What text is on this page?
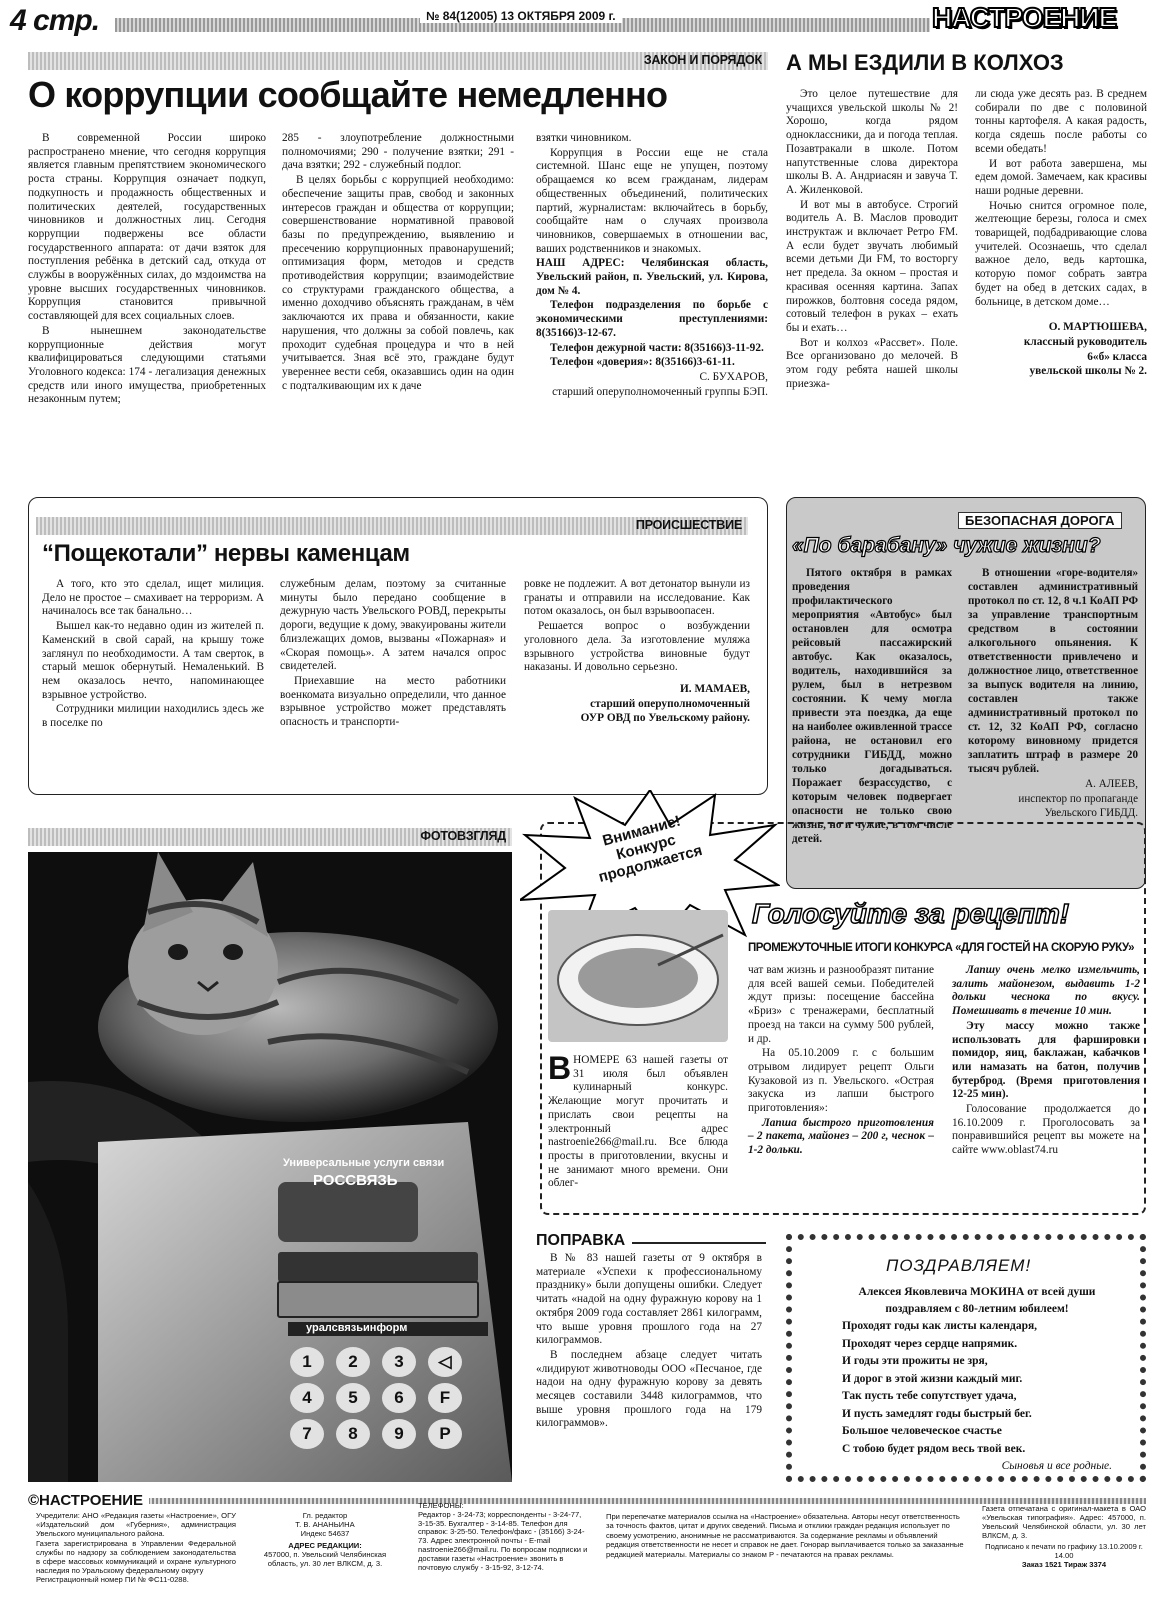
4 стр.	№ 84(12005) 13 ОКТЯБРЯ 2009 г.	НАСТРОЕНИЕ
ЗАКОН И ПОРЯДОК
О коррупции сообщайте немедленно

В современной России широко распространено мнение, что сегодня коррупция является главным препятствием экономического роста страны. Коррупция означает подкуп, подкупность и продажность общественных и политических деятелей, государственных чиновников и должностных лиц. Сегодня коррупции подвержены все области государственного аппарата: от дачи взяток для поступления ребёнка в детский сад, откуда от службы в вооружённых силах, до мздоимства на уровне высших государственных чиновников. Коррупция становится привычной составляющей для всех социальных слоев.

В нынешнем законодательстве коррупционные действия могут квалифицироваться следующими статьями Уголовного кодекса: 174 - легализация денежных средств или иного имущества, приобретенных незаконным путем;

285 - злоупотребление должностными полномочиями; 290 - получение взятки; 291 - дача взятки; 292 - служебный подлог.

В целях борьбы с коррупцией необходимо: обеспечение защиты прав, свобод и законных интересов граждан и общества от коррупции; совершенствование нормативной правовой базы по предупреждению, выявлению и пресечению коррупционных правонарушений; оптимизация форм, методов и средств противодействия коррупции; взаимодействие со структурами гражданского общества, а именно доходчиво объяснять гражданам, в чём заключаются их права и обязанности, какие нарушения, что должны за собой повлечь, как проходит судебная процедура и что в ней учитывается. Зная всё это, граждане будут увереннее вести себя, оказавшись один на один с подталкивающим их к даче

взятки чиновником.

Коррупция в России еще не стала системной. Шанс еще не упущен, поэтому обращаемся ко всем гражданам, лидерам общественных объединений, политических партий, журналистам: включайтесь в борьбу, сообщайте нам о случаях произвола чиновников, совершаемых в отношении вас, ваших родственников и знакомых.

НАШ АДРЕС: Челябинская область, Увельский район, п. Увельский, ул. Кирова, дом № 4.

Телефон подразделения по борьбе с экономическими преступлениями: 8(35166)3-12-67.

Телефон дежурной части: 8(35166)3-11-92.

Телефон «доверия»: 8(35166)3-61-11.

С. БУХАРОВ,

старший оперуполномоченный группы БЭП.

А МЫ ЕЗДИЛИ В КОЛХОЗ

Это целое путешествие для учащихся увельской школы № 2! Хорошо, когда рядом одноклассники, да и погода теплая. Позавтракали в школе. Потом напутственные слова директора школы В. А. Андриасян и завуча Т. А. Жиленковой.

И вот мы в автобусе. Строгий водитель А. В. Маслов проводит инструктаж и включает Ретро FM. А если будет звучать любимый всеми детьми Ди FM, то восторгу нет предела. За окном – простая и красивая осенняя картина. Запах пирожков, болтовня соседа рядом, сотовый телефон в руках – ехать бы и ехать…

Вот и колхоз «Рассвет». Поле. Все организовано до мелочей. В этом году ребята нашей школы приезжа-

ли сюда уже десять раз. В среднем собирали по две с половиной тонны картофеля. А какая радость, когда сядешь после работы со всеми обедать!

И вот работа завершена, мы едем домой. Замечаем, как красивы наши родные деревни.

Ночью снится огромное поле, желтеющие березы, голоса и смех товарищей, подбадривающие слова учителей. Осознаешь, что сделал важное дело, ведь картошка, которую помог собрать завтра будет на обед в детских садах, в больнице, в детском доме…

О. МАРТЮШЕВА,

классный руководитель

6«б» класса

увельской школы № 2.

ПРОИСШЕСТВИЕ
“Пощекотали” нервы каменцам

А того, кто это сделал, ищет милиция. Дело не простое – смахивает на терроризм. А начиналось все так банально…

Вышел как-то недавно один из жителей п. Каменский в свой сарай, на крышу тоже заглянул по необходимости. А там сверток, в старый мешок обернутый. Немаленький. В нем оказалось нечто, напоминающее взрывное устройство.

Сотрудники милиции находились здесь же в поселке по

служебным делам, поэтому за считанные минуты было передано сообщение в дежурную часть Увельского РОВД, перекрыты дороги, ведущие к дому, эвакуированы жители близлежащих домов, вызваны «Пожарная» и «Скорая помощь». А затем начался опрос свидетелей.

Приехавшие на место работники военкомата визуально определили, что данное взрывное устройство может представлять опасность и транспорти-

ровке не подлежит. А вот детонатор вынули из гранаты и отправили на исследование. Как потом оказалось, он был взрывоопасен.

Решается вопрос о возбуждении уголовного дела. За изготовление муляжа взрывного устройства виновные будут наказаны. И довольно серьезно.

И. МАМАЕВ,

старший оперуполномоченный

ОУР ОВД по Увельскому району.

БЕЗОПАСНАЯ ДОРОГА
«По барабану» чужие жизни?

Пятого октября в рамках проведения профилактического мероприятия «Автобус» был остановлен для осмотра рейсовый пассажирский автобус. Как оказалось, водитель, находившийся за рулем, был в нетрезвом состоянии. К чему могла привести эта поездка, да еще на наиболее оживленной трассе района, не остановил его сотрудники ГИБДД, можно только догадываться. Поражает безрассудство, с которым человек подвергает опасности не только свою жизнь, но и чужие, в том числе детей.

В отношении «горе-водителя» составлен административный протокол по ст. 12, 8 ч.1 КоАП РФ за управление транспортным средством в состоянии алкогольного опьянения. К ответственности привлечено и должностное лицо, ответственное за выпуск водителя на линию, составлен также административный протокол по ст. 12, 32 КоАП РФ, согласно которому виновному придется заплатить штраф в размере 20 тысяч рублей.

А. АЛЕЕВ,

инспектор по пропаганде Увельского ГИБДД.

ФОТОВЗГЛЯД
Универсальные услуги связи
РОССВЯЗЬ
уралсвязьинформ
1	2	3	◁
4	5	6	F
7	8	9	P
Внимание! Конкурс продолжается
Голосуйте за рецепт!
ПРОМЕЖУТОЧНЫЕ ИТОГИ КОНКУРСА «ДЛЯ ГОСТЕЙ НА СКОРУЮ РУКУ»

ВНОМЕРЕ 63 нашей газеты от 31 июля был объявлен кулинарный конкурс. Желающие могут прочитать и прислать свои рецепты на электронный адрес nastroenie266@mail.ru. Все блюда просты в приготовлении, вкусны и не занимают много времени. Они облег-

чат вам жизнь и разнообразят питание для всей вашей семьи. Победителей ждут призы: посещение бассейна «Бриз» с тренажерами, бесплатный проезд на такси на сумму 500 рублей, и др.

На 05.10.2009 г. с большим отрывом лидирует рецепт Ольги Кузаковой из п. Увельского. «Острая закуска из лапши быстрого приготовления»:

Лапша быстрого приготовления – 2 пакета, майонез – 200 г, чеснок – 1-2 дольки.

Лапшу очень мелко измельчить, залить майонезом, выдавить 1-2 дольки чеснока по вкусу. Помешивать в течение 10 мин.

Эту массу можно также использовать для фаршировки помидор, яиц, баклажан, кабачков или намазать на батон, получив бутерброд. (Время приготовления 12-25 мин).

Голосование продолжается до 16.10.2009 г. Проголосовать за понравившийся рецепт вы можете на сайте www.oblast74.ru

ПОПРАВКА

В № 83 нашей газеты от 9 октября в материале «Успехи к профессиональному празднику» были допущены ошибки. Следует читать «надой на одну фуражную корову на 1 октября 2009 года составляет 2861 килограмм, что выше уровня прошлого года на 27 килограммов.

В последнем абзаце следует читать «лидируют животноводы ООО «Песчаное, где надои на одну фуражную корову за девять месяцев составили 3448 килограммов, что выше уровня прошлого года на 179 килограммов».

ПОЗДРАВЛЯЕМ!

Алексея Яковлевича МОКИНА от всей души поздравляем с 80-летним юбилеем!

Проходят годы как листы календаря,

Проходят через сердце напрямик.

И годы эти прожиты не зря,

И дорог в этой жизни каждый миг.

Так пусть тебе сопутствует удача,

И пусть замедлят годы быстрый бег.

Большое человеческое счастье

С тобою будет рядом весь твой век.

Сыновья и все родные.

©НАСТРОЕНИЕ
Учредители: АНО «Редакция газеты «Настроение», ОГУ «Издательский дом «Губерния», администрация Увельского муниципального района.
Газета зарегистрирована в Управлении Федеральной службы по надзору за соблюдением законодательства в сфере массовых коммуникаций и охране культурного наследия по Уральскому федеральному округу
Регистрационный номер ПИ № ФС11-0288.
Гл. редактор
Т. В. АНАНЬИНА
Индекс 54637
АДРЕС РЕДАКЦИИ:
457000, п. Увельский Челябинская область, ул. 30 лет ВЛКСМ, д. 3.
ТЕЛЕФОНЫ:
Редактор - 3-24-73; корреспонденты - 3-24-77, 3-15-35. Бухгалтер - 3-14-85. Телефон для справок: 3-25-50. Телефон/факс - (35166) 3-24-73. Адрес электронной почты - E-mail nastroenie266@mail.ru. По вопросам подписки и доставки газеты «Настроение» звонить в почтовую службу - 3-15-92, 3-12-74.
При перепечатке материалов ссылка на «Настроение» обязательна. Авторы несут ответственность за точность фактов, цитат и других сведений. Письма и отклики граждан редакция использует по своему усмотрению, анонимные не рассматриваются. За содержание рекламы и объявлений редакция ответственности не несет и справок не дает. Гонорар выплачивается только за заказанные редакцией материалы. Материалы со знаком Р - печатаются на правах рекламы.
Газета отпечатана с оригинал-макета в ОАО «Увельская типография». Адрес: 457000, п. Увельский Челябинской области, ул. 30 лет ВЛКСМ, д. 3.
Подписано к печати по графику 13.10.2009 г. 14.00
Заказ 1521 Тираж 3374
